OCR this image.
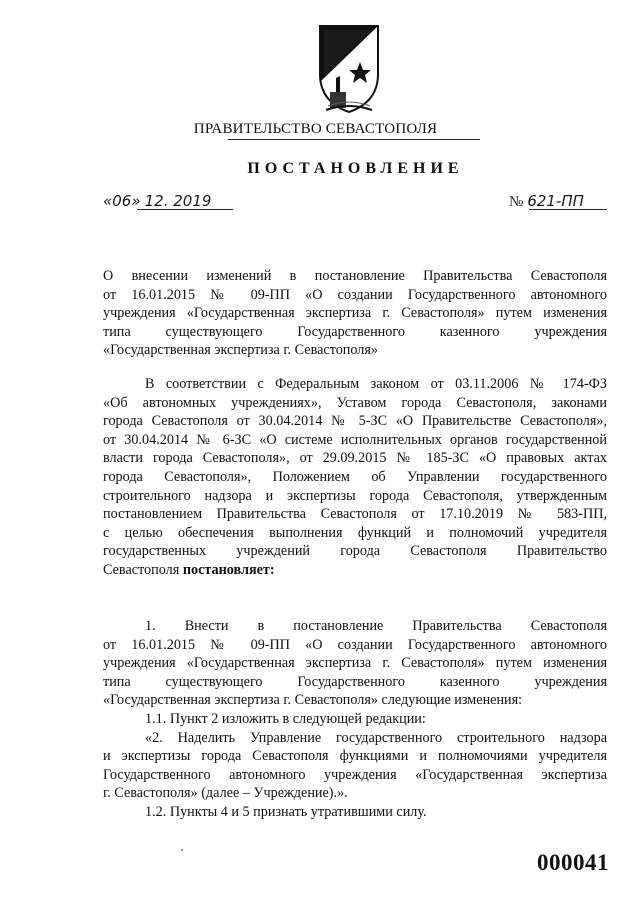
ПРАВИТЕЛЬСТВО СЕВАСТОПОЛЯ
ПОСТАНОВЛЕНИЕ
«06» 12. 2019	№ 621-ПП
О внесении изменений в постановление Правительства Севастополя
от 16.01.2015 № 09-ПП «О создании Государственного автономного
учреждения «Государственная экспертиза г. Севастополя» путем изменения
типа существующего Государственного казенного учреждения
«Государственная экспертиза г. Севастополя»
В соответствии с Федеральным законом от 03.11.2006 № 174-ФЗ
«Об автономных учреждениях», Уставом города Севастополя, законами
города Севастополя от 30.04.2014 № 5-ЗС «О Правительстве Севастополя»,
от 30.04.2014 № 6-ЗС «О системе исполнительных органов государственной
власти города Севастополя», от 29.09.2015 № 185-ЗС «О правовых актах
города Севастополя», Положением об Управлении государственного
строительного надзора и экспертизы города Севастополя, утвержденным
постановлением Правительства Севастополя от 17.10.2019 № 583-ПП,
с целью обеспечения выполнения функций и полномочий учредителя
государственных учреждений города Севастополя Правительство
Севастополя постановляет:
1. Внести в постановление Правительства Севастополя
от 16.01.2015 № 09-ПП «О создании Государственного автономного
учреждения «Государственная экспертиза г. Севастополя» путем изменения
типа существующего Государственного казенного учреждения
«Государственная экспертиза г. Севастополя» следующие изменения:
1.1. Пункт 2 изложить в следующей редакции:
«2. Наделить Управление государственного строительного надзора
и экспертизы города Севастополя функциями и полномочиями учредителя
Государственного автономного учреждения «Государственная экспертиза
г. Севастополя» (далее – Учреждение).».
1.2. Пункты 4 и 5 признать утратившими силу.
000041
